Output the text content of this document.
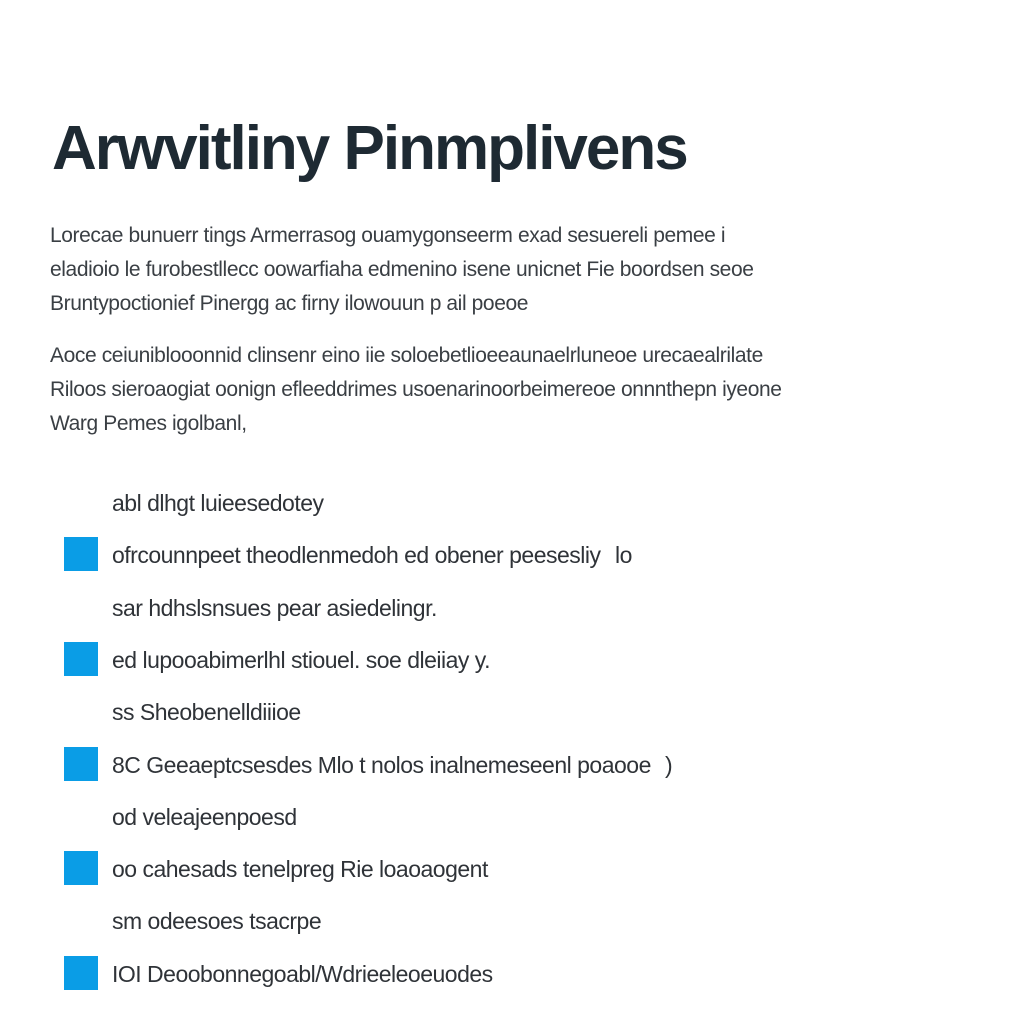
Arwvitliny Pinmplivens

Lorecae bunuerr tings Armerrasog ouamygonseerm exad sesuereli pemee i
eladioio le furobestllecc oowarfiaha edmenino isene unicnet Fie boordsen seoe
Bruntypoctionief Pinergg ac firny ilowouun p ail poeoe

Aoce ceiuniblooonnid clinsenr eino iie soloebetlioeeaunaelrluneoe urecaealrilate
Riloos sieroaogiat oonign efleeddrimes usoenarinoorbeimereoe onnnthepn iyeone
Warg Pemes igolbanl,

abl dlhgt luieesedotey
ofrcounnpeet theodlenmedoh ed obener peesesliy lo
sar hdhslsnsues pear asiedelingr.
ed lupooabimerlhl stiouel. soe dleiiay y.
ss Sheobenelldiiioe
8C Geeaeptcsesdes Mlo t nolos inalnemeseenl poaooe )
od veleajeenpoesd
oo cahesads tenelpreg Rie loaoaogent
sm odeesoes tsacrpe
IOI Deoobonnegoabl/Wdrieeleoeuodes
